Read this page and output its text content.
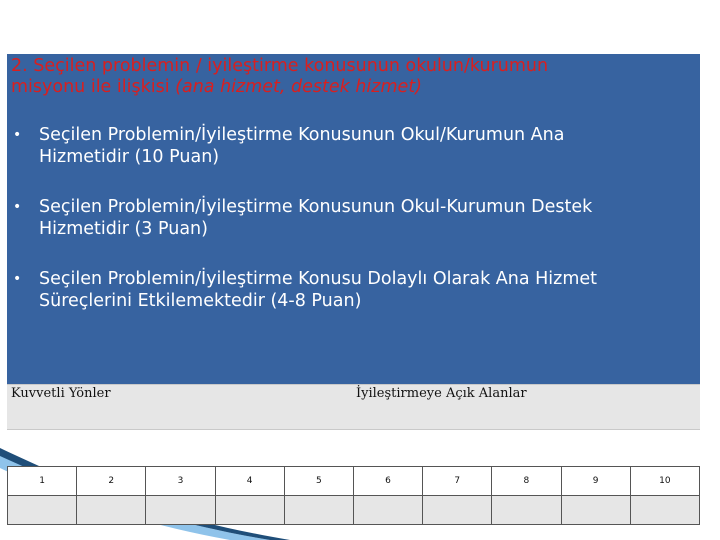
2. Seçilen problemin / iyileştirme konusunun okulun/kurumun
misyonu ile ilişkisi (ana hizmet, destek hizmet)
• Seçilen Problemin/İyileştirme Konusunun Okul/Kurumun Ana
Hizmetidir (10 Puan)
• Seçilen Problemin/İyileştirme Konusunun Okul-Kurumun Destek
Hizmetidir (3 Puan)
• Seçilen Problemin/İyileştirme Konusu Dolaylı Olarak Ana Hizmet
Süreçlerini Etkilemektedir (4-8 Puan)
Kuvvetli Yönler	İyileştirmeye Açık Alanlar
1	2	3	4	5	6	7	8	9	10
